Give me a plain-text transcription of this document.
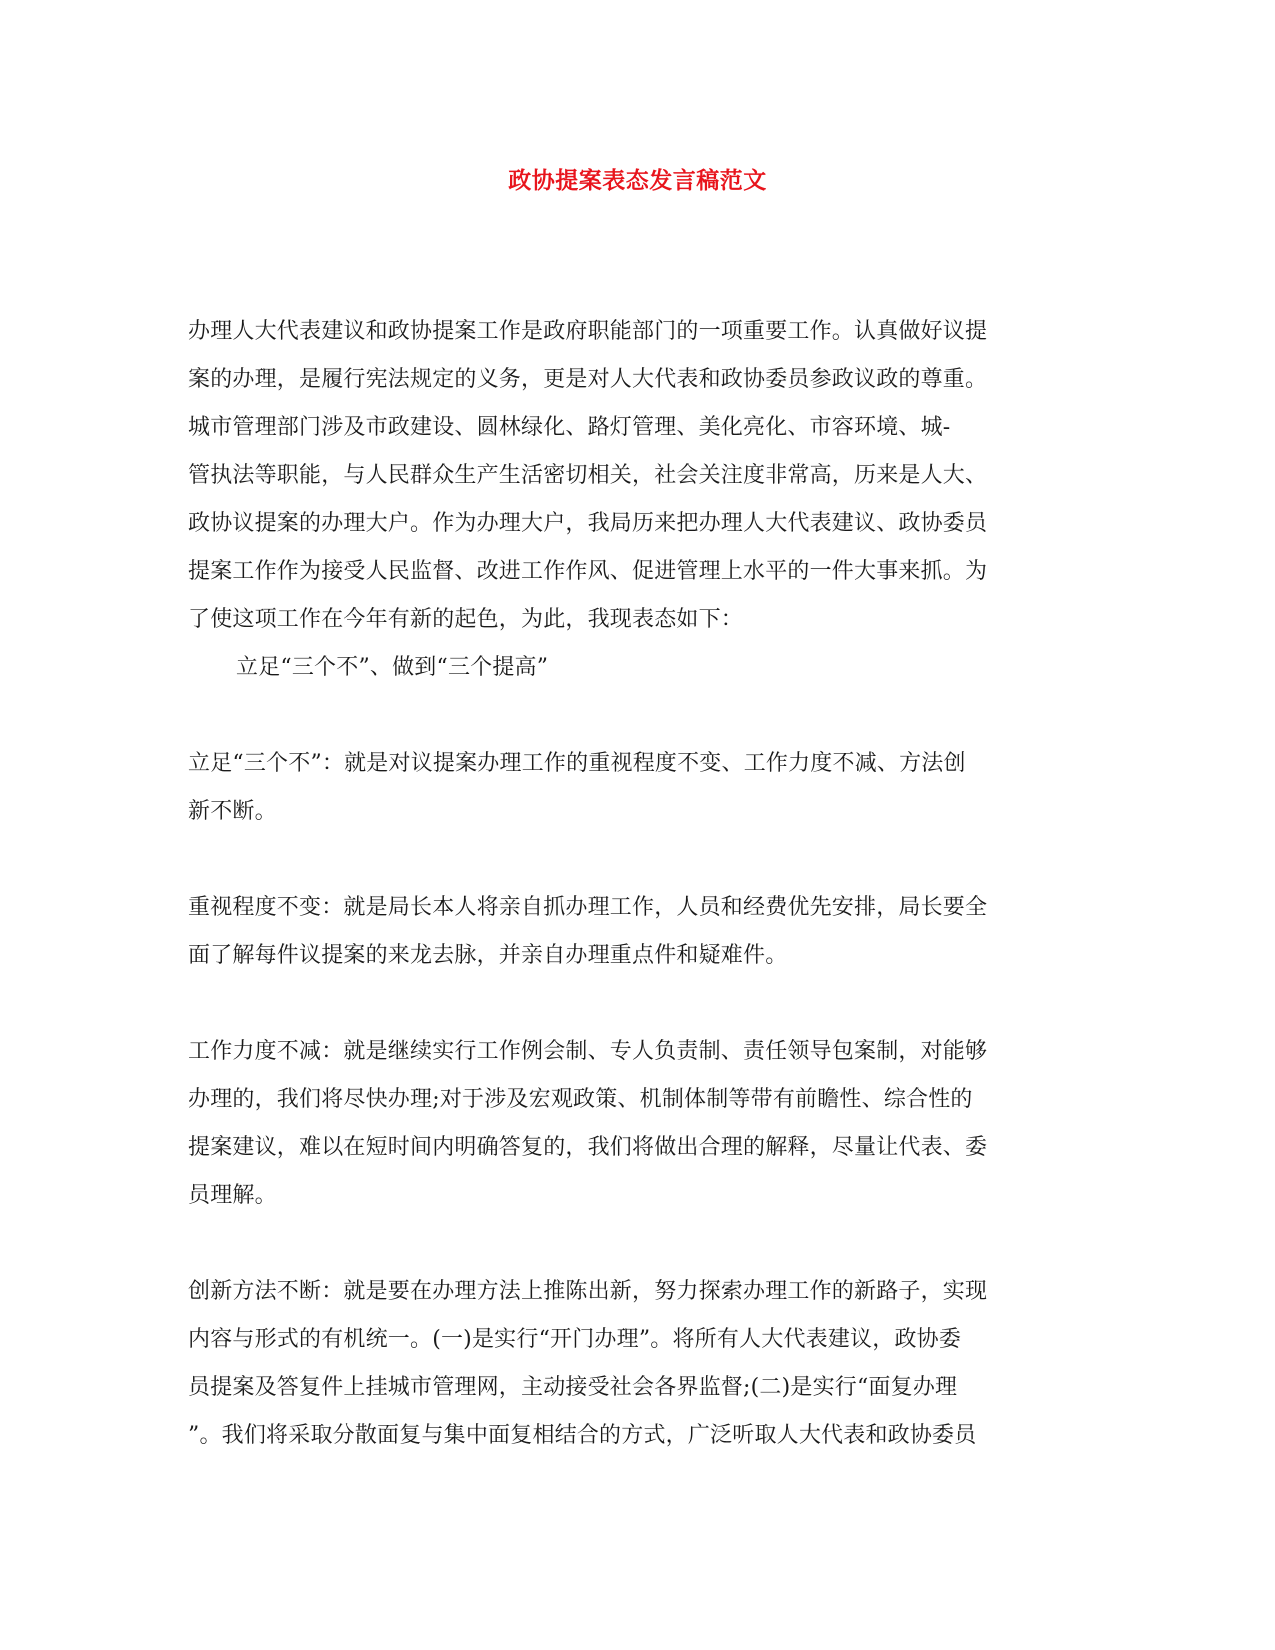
政协提案表态发言稿范文
办理人大代表建议和政协提案工作是政府职能部门的一项重要工作。认真做好议提
案的办理，是履行宪法规定的义务，更是对人大代表和政协委员参政议政的尊重。
城市管理部门涉及市政建设、圆林绿化、路灯管理、美化亮化、市容环境、城-
管执法等职能，与人民群众生产生活密切相关，社会关注度非常高，历来是人大、
政协议提案的办理大户。作为办理大户，我局历来把办理人大代表建议、政协委员
提案工作作为接受人民监督、改进工作作风、促进管理上水平的一件大事来抓。为
了使这项工作在今年有新的起色，为此，我现表态如下：
立足“三个不”、做到“三个提高”
立足“三个不”：就是对议提案办理工作的重视程度不变、工作力度不减、方法创
新不断。
重视程度不变：就是局长本人将亲自抓办理工作，人员和经费优先安排，局长要全
面了解每件议提案的来龙去脉，并亲自办理重点件和疑难件。
工作力度不减：就是继续实行工作例会制、专人负责制、责任领导包案制，对能够
办理的，我们将尽快办理;对于涉及宏观政策、机制体制等带有前瞻性、综合性的
提案建议，难以在短时间内明确答复的，我们将做出合理的解释，尽量让代表、委
员理解。
创新方法不断：就是要在办理方法上推陈出新，努力探索办理工作的新路子，实现
内容与形式的有机统一。(一)是实行“开门办理”。将所有人大代表建议，政协委
员提案及答复件上挂城市管理网，主动接受社会各界监督;(二)是实行“面复办理
”。我们将采取分散面复与集中面复相结合的方式，广泛听取人大代表和政协委员
